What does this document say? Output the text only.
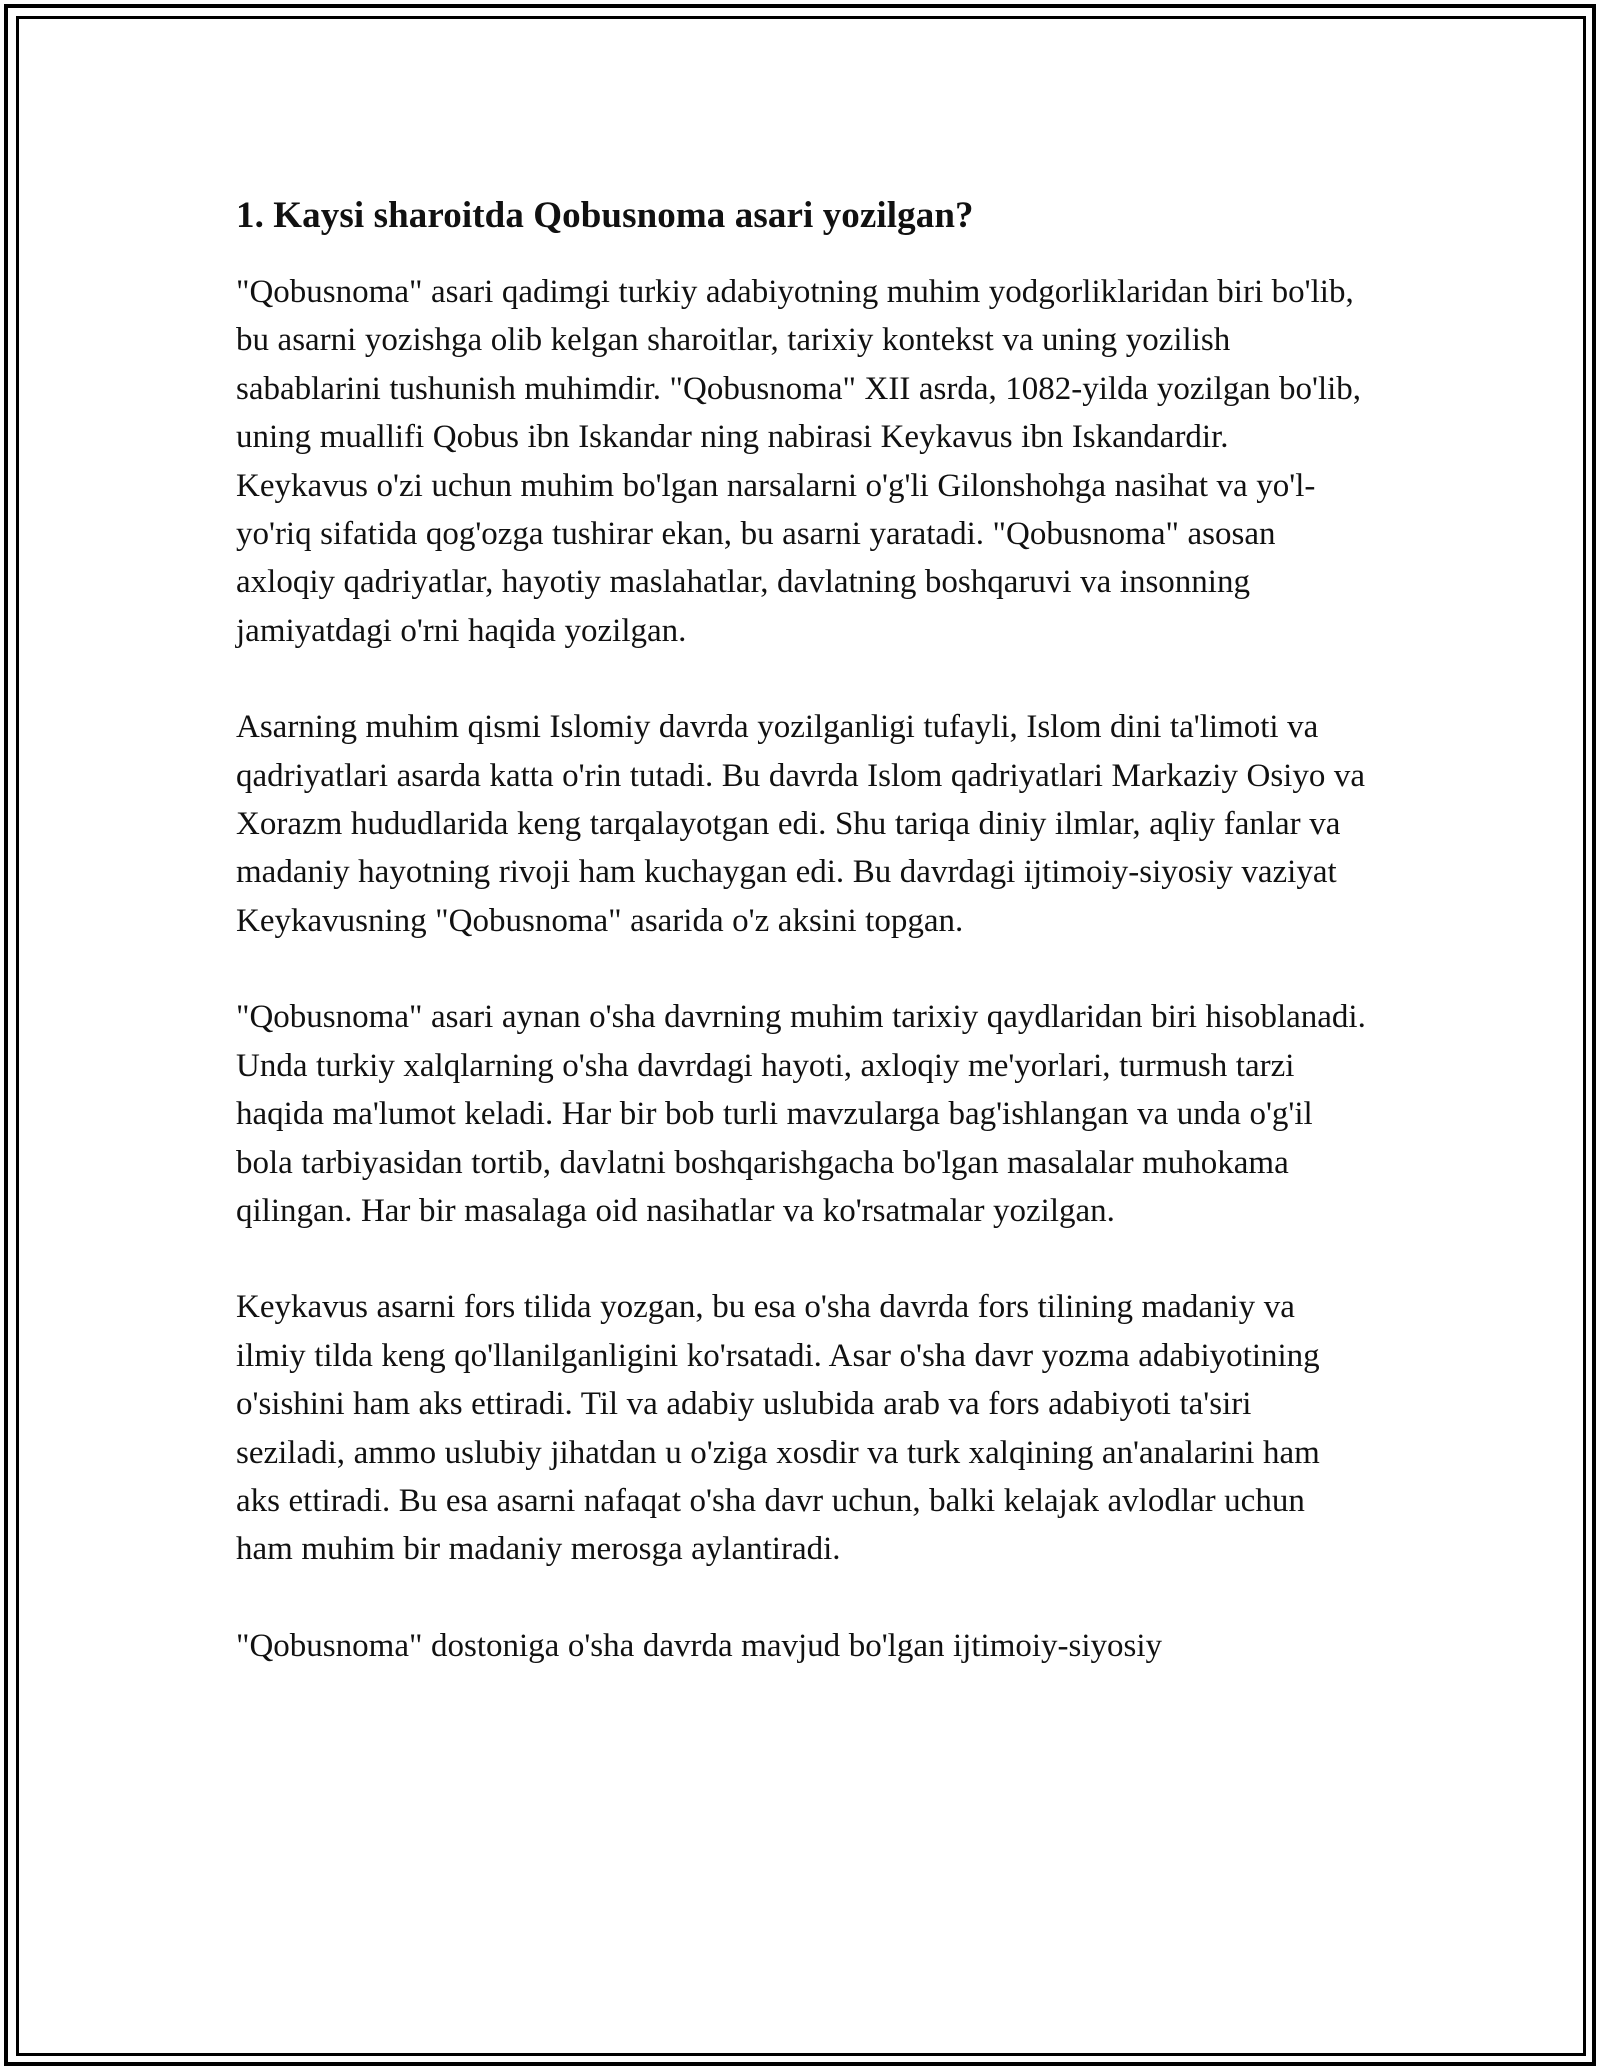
1. Kaysi sharoitda Qobusnoma asari yozilgan?

"Qobusnoma" asari qadimgi turkiy adabiyotning muhim yodgorliklaridan biri bo'lib, bu asarni yozishga olib kelgan sharoitlar, tarixiy kontekst va uning yozilish sabablarini tushunish muhimdir. "Qobusnoma" XII asrda, 1082-yilda yozilgan bo'lib, uning muallifi Qobus ibn Iskandar ning nabirasi Keykavus ibn Iskandardir. Keykavus o'zi uchun muhim bo'lgan narsalarni o'g'li Gilonshohga nasihat va yo'l-yo'riq sifatida qog'ozga tushirar ekan, bu asarni yaratadi. "Qobusnoma" asosan axloqiy qadriyatlar, hayotiy maslahatlar, davlatning boshqaruvi va insonning jamiyatdagi o'rni haqida yozilgan.

Asarning muhim qismi Islomiy davrda yozilganligi tufayli, Islom dini ta'limoti va qadriyatlari asarda katta o'rin tutadi. Bu davrda Islom qadriyatlari Markaziy Osiyo va Xorazm hududlarida keng tarqalayotgan edi. Shu tariqa diniy ilmlar, aqliy fanlar va madaniy hayotning rivoji ham kuchaygan edi. Bu davrdagi ijtimoiy-siyosiy vaziyat Keykavusning "Qobusnoma" asarida o'z aksini topgan.

"Qobusnoma" asari aynan o'sha davrning muhim tarixiy qaydlaridan biri hisoblanadi. Unda turkiy xalqlarning o'sha davrdagi hayoti, axloqiy me'yorlari, turmush tarzi haqida ma'lumot keladi. Har bir bob turli mavzularga bag'ishlangan va unda o'g'il bola tarbiyasidan tortib, davlatni boshqarishgacha bo'lgan masalalar muhokama qilingan. Har bir masalaga oid nasihatlar va ko'rsatmalar yozilgan.

Keykavus asarni fors tilida yozgan, bu esa o'sha davrda fors tilining madaniy va ilmiy tilda keng qo'llanilganligini ko'rsatadi. Asar o'sha davr yozma adabiyotining o'sishini ham aks ettiradi. Til va adabiy uslubida arab va fors adabiyoti ta'siri seziladi, ammo uslubiy jihatdan u o'ziga xosdir va turk xalqining an'analarini ham aks ettiradi. Bu esa asarni nafaqat o'sha davr uchun, balki kelajak avlodlar uchun ham muhim bir madaniy merosga aylantiradi.

"Qobusnoma" dostoniga o'sha davrda mavjud bo'lgan ijtimoiy-siyosiy
